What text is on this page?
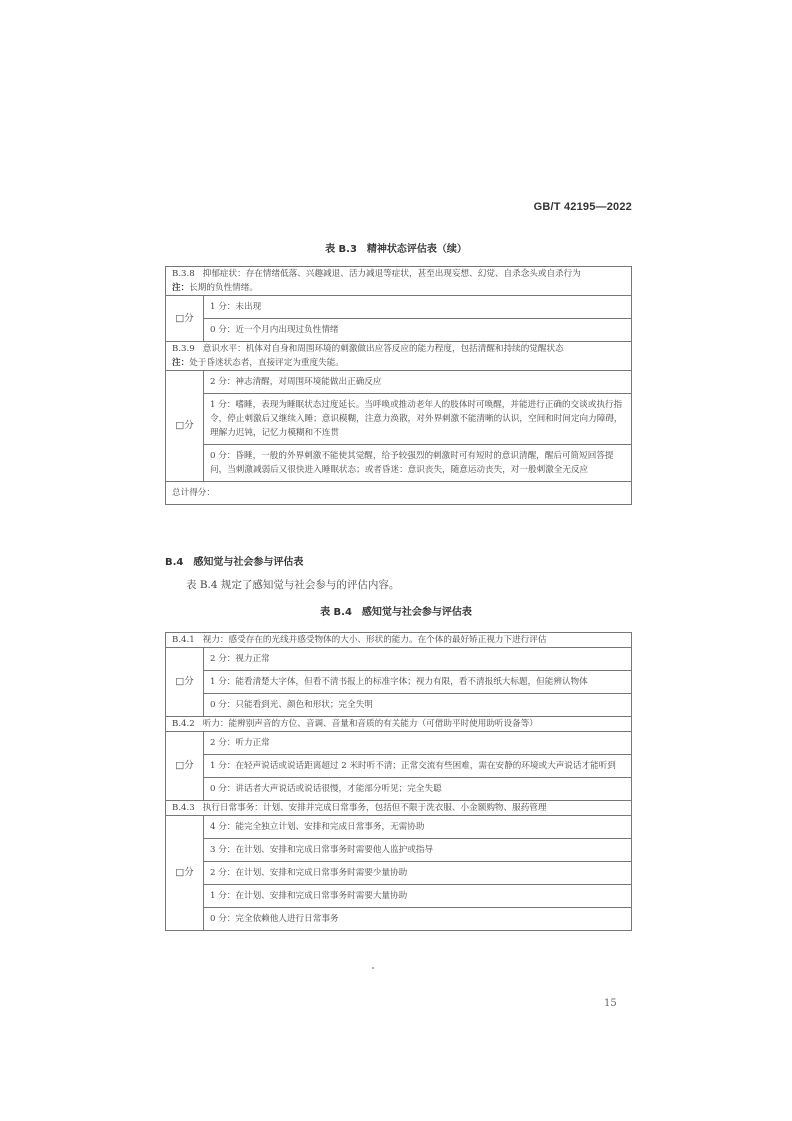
GB/T 42195—2022
表 B.3　精神状态评估表（续）
B.3.8 抑郁症状：存在情绪低落、兴趣减退、活力减退等症状，甚至出现妄想、幻觉、自杀念头或自杀行为
注：长期的负性情绪。	

□分	1 分：未出现
	0 分：近一个月内出现过负性情绪

B.3.9 意识水平：机体对自身和周围环境的刺激做出应答反应的能力程度，包括清醒和持续的觉醒状态
注：处于昏迷状态者，直接评定为重度失能。	

□分	2 分：神志清醒，对周围环境能做出正确反应
	1 分：嗜睡，表现为睡眠状态过度延长。当呼唤或推动老年人的肢体时可唤醒，并能进行正确的交谈或执行指令，停止刺激后又继续入睡；意识模糊，注意力涣散，对外界刺激不能清晰的认识，空间和时间定向力障碍，理解力迟钝，记忆力模糊和不连贯
	0 分：昏睡，一般的外界刺激不能使其觉醒，给予较强烈的刺激时可有短时的意识清醒，醒后可简短回答提问，当刺激减弱后又很快进入睡眠状态；或者昏迷：意识丧失，随意运动丧失，对一般刺激全无反应
总计得分：	
B.4　感知觉与社会参与评估表
表 B.4 规定了感知觉与社会参与的评估内容。
表 B.4　感知觉与社会参与评估表
B.4.1 视力：感受存在的光线并感受物体的大小、形状的能力。在个体的最好矫正视力下进行评估	
□分	2 分：视力正常
	1 分：能看清楚大字体，但看不清书报上的标准字体；视力有限，看不清报纸大标题，但能辨认物体
	0 分：只能看到光、颜色和形状；完全失明
B.4.2 听力：能辨别声音的方位、音调、音量和音质的有关能力（可借助平时使用助听设备等）	
□分	2 分：听力正常
	1 分：在轻声说话或说话距离超过 2 米时听不清；正常交流有些困难，需在安静的环境或大声说话才能听到
	0 分：讲话者大声说话或说话很慢，才能部分听见；完全失聪
B.4.3 执行日常事务：计划、安排并完成日常事务，包括但不限于洗衣服、小金额购物、服药管理	
□分	4 分：能完全独立计划、安排和完成日常事务，无需协助
	3 分：在计划、安排和完成日常事务时需要他人监护或指导
	2 分：在计划、安排和完成日常事务时需要少量协助
	1 分：在计划、安排和完成日常事务时需要大量协助
	0 分：完全依赖他人进行日常事务
15
